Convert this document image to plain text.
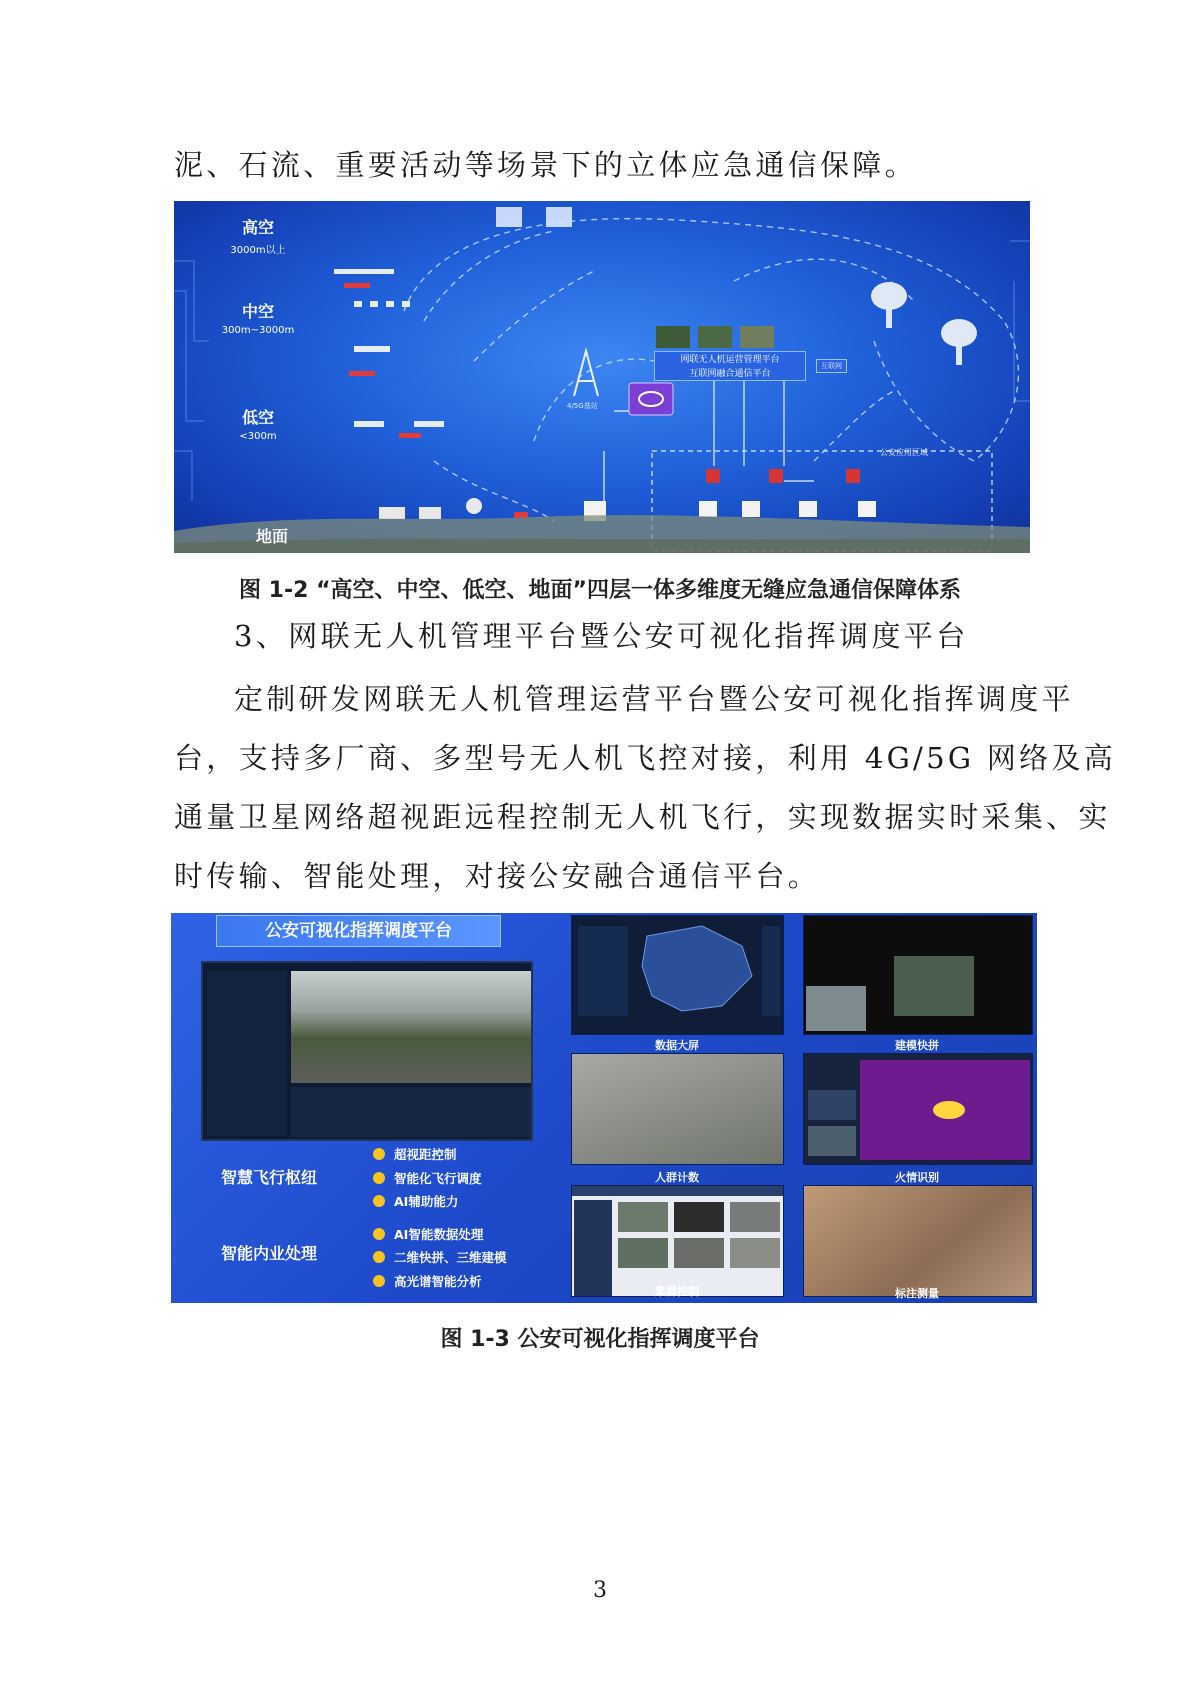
泥、石流、重要活动等场景下的立体应急通信保障。

高空
3000m以上
中空
300m~3000m
低空
<300m
地面
网联无人机运营管理平台
互联网融合通信平台
互联网
4/5G基站
公安应用区域
图 1-2 “高空、中空、低空、地面”四层一体多维度无缝应急通信保障体系
3、网联无人机管理平台暨公安可视化指挥调度平台
定制研发网联无人机管理运营平台暨公安可视化指挥调度平
台，支持多厂商、多型号无人机飞控对接，利用 4G/5G 网络及高
通量卫星网络超视距远程控制无人机飞行，实现数据实时采集、实
时传输、智能处理，对接公安融合通信平台。
公安可视化指挥调度平台
智慧飞行枢纽
超视距控制
智能化飞行调度
AI辅助能力
智能内业处理
AI智能数据处理
二维快拼、三维建模
高光谱智能分析
数据大屏	建模快拼
人群计数	火情识别
集群控制	标注测量
图 1-3 公安可视化指挥调度平台
3
